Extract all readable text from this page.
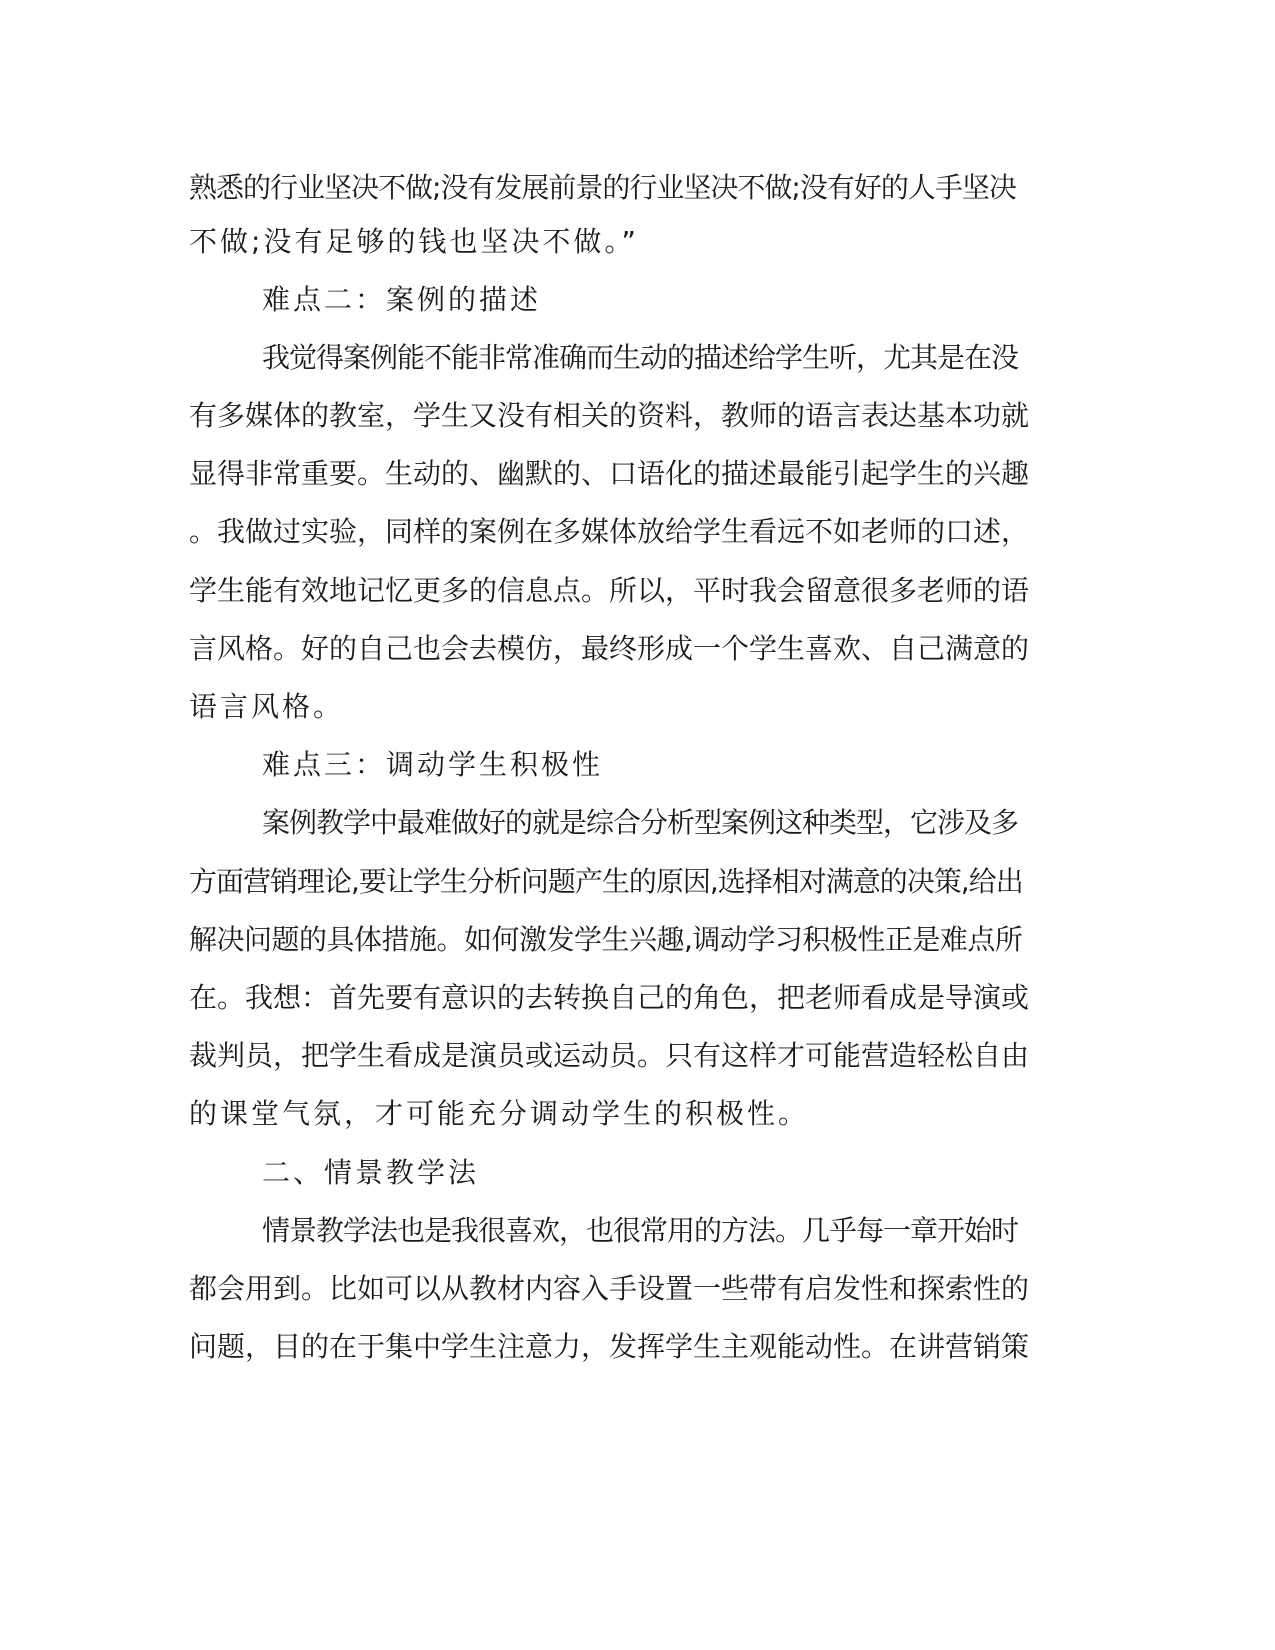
熟悉的行业坚决不做;没有发展前景的行业坚决不做;没有好的人手坚决
不做;没有足够的钱也坚决不做。”
难点二：案例的描述
我觉得案例能不能非常准确而生动的描述给学生听，尤其是在没
有多媒体的教室，学生又没有相关的资料，教师的语言表达基本功就
显得非常重要。生动的、幽默的、口语化的描述最能引起学生的兴趣
。我做过实验，同样的案例在多媒体放给学生看远不如老师的口述，
学生能有效地记忆更多的信息点。所以，平时我会留意很多老师的语
言风格。好的自己也会去模仿，最终形成一个学生喜欢、自己满意的
语言风格。
难点三：调动学生积极性
案例教学中最难做好的就是综合分析型案例这种类型，它涉及多
方面营销理论,要让学生分析问题产生的原因,选择相对满意的决策,给出
解决问题的具体措施。如何激发学生兴趣,调动学习积极性正是难点所
在。我想：首先要有意识的去转换自己的角色，把老师看成是导演或
裁判员，把学生看成是演员或运动员。只有这样才可能营造轻松自由
的课堂气氛，才可能充分调动学生的积极性。
二、情景教学法
情景教学法也是我很喜欢，也很常用的方法。几乎每一章开始时
都会用到。比如可以从教材内容入手设置一些带有启发性和探索性的
问题，目的在于集中学生注意力，发挥学生主观能动性。在讲营销策
